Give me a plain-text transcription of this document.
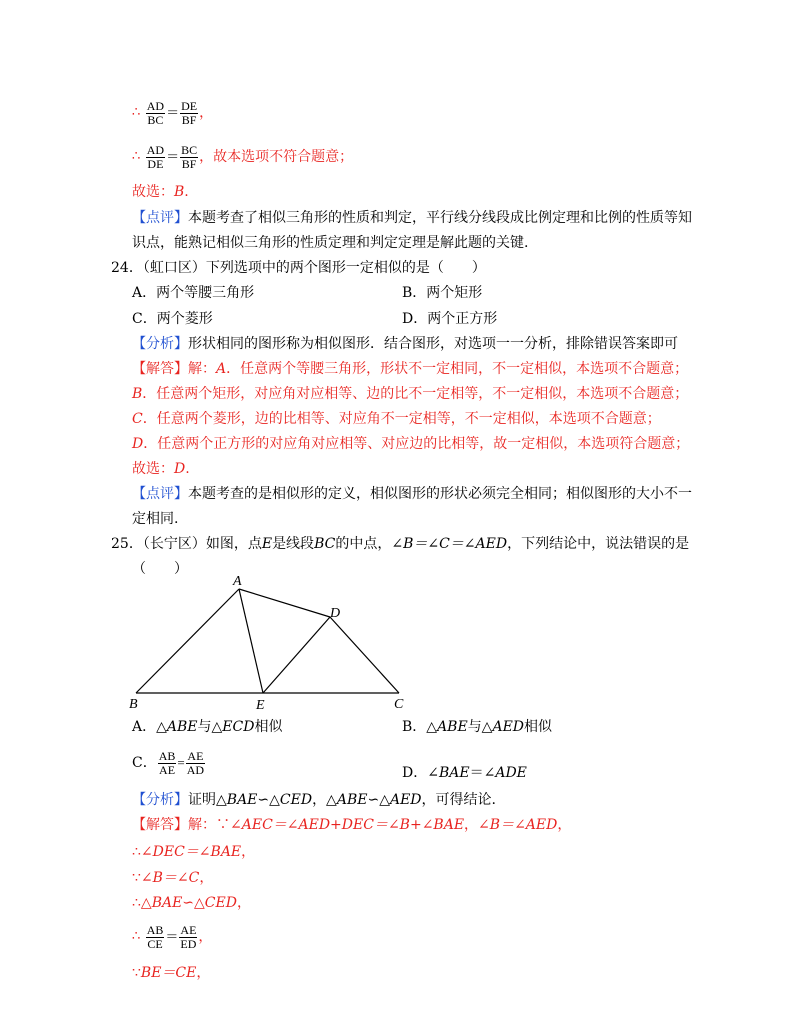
∴ $\frac{AD}{BC} = \frac{DE}{BF}$ ，
∴ $\frac{AD}{DE} = \frac{BC}{BF}$ ，故本选项不符合题意；
故选：B.
【点评】本题考查了相似三角形的性质和判定，平行线分线段成比例定理和比例的性质等知
识点，能熟记相似三角形的性质定理和判定定理是解此题的关键.
24．（虹口区）下列选项中的两个图形一定相似的是（　　）
A．两个等腰三角形	B．两个矩形
C．两个菱形	D．两个正方形
【分析】形状相同的图形称为相似图形．结合图形，对选项一一分析，排除错误答案即可
【解答】解：A．任意两个等腰三角形，形状不一定相同，不一定相似，本选项不合题意；
B．任意两个矩形，对应角对应相等、边的比不一定相等，不一定相似，本选项不合题意；
C．任意两个菱形，边的比相等、对应角不一定相等，不一定相似，本选项不合题意；
D．任意两个正方形的对应角对应相等、对应边的比相等，故一定相似，本选项符合题意；
故选：D.
【点评】本题考查的是相似形的定义，相似图形的形状必须完全相同；相似图形的大小不一
定相同.
25．（长宁区）如图，点E是线段BC的中点，∠B＝∠C＝∠AED，下列结论中，说法错误的是
（　　）
A
D
B	E	C
A．△ABE与△ECD相似	B．△ABE与△AED相似
C． $\frac{AB}{AE} = \frac{AE}{AD}$	D．∠BAE＝∠ADE
【分析】证明△BAE∽△CED，△ABE∽△AED，可得结论.
【解答】解：∵∠AEC＝∠AED+DEC＝∠B+∠BAE，∠B＝∠AED，
∴∠DEC＝∠BAE，
∵∠B＝∠C，
∴△BAE∽△CED，
∴ $\frac{AB}{CE} = \frac{AE}{ED}$ ，
∵BE＝CE，
